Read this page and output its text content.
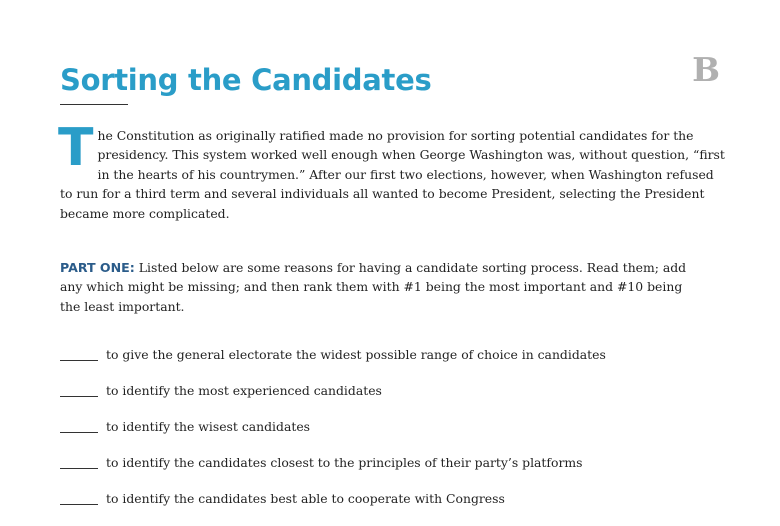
Sorting the Candidates	B

The Constitution as originally ratified made no provision for sorting potential candidates for the presidency. This system worked well enough when George Washington was, without question, “first in the hearts of his countrymen.” After our first two elections, however, when Washington refused to run for a third term and several individuals all wanted to become President, selecting the President became more complicated.

PART ONE: Listed below are some reasons for having a candidate sorting process. Read them; add any which might be missing; and then rank them with #1 being the most important and #10 being the least important.

to give the general electorate the widest possible range of choice in candidates
to identify the most experienced candidates
to identify the wisest candidates
to identify the candidates closest to the principles of their party’s platforms
to identify the candidates best able to cooperate with Congress
